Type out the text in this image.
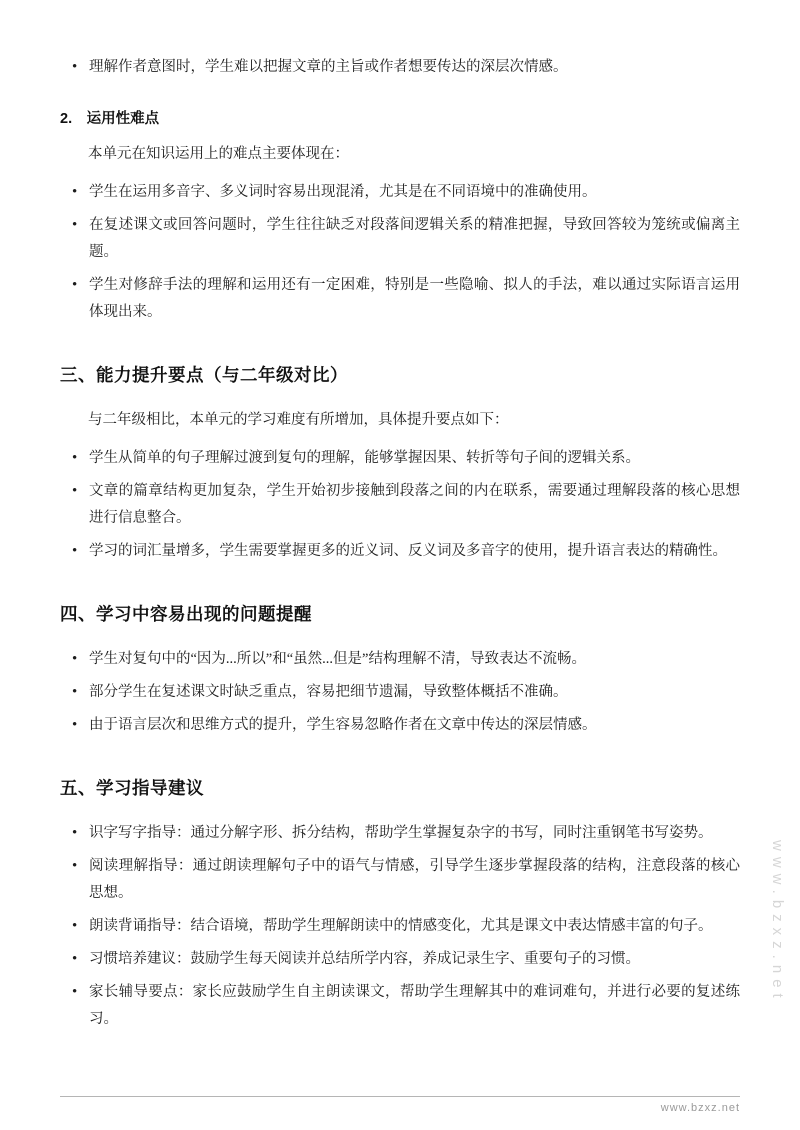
• 理解作者意图时，学生难以把握文章的主旨或作者想要传达的深层次情感。
2.　运用性难点

本单元在知识运用上的难点主要体现在：

• 学生在运用多音字、多义词时容易出现混淆，尤其是在不同语境中的准确使用。
• 在复述课文或回答问题时，学生往往缺乏对段落间逻辑关系的精准把握，导致回答较为笼统或偏离主题。
• 学生对修辞手法的理解和运用还有一定困难，特别是一些隐喻、拟人的手法，难以通过实际语言运用体现出来。
三、能力提升要点（与二年级对比）

与二年级相比，本单元的学习难度有所增加，具体提升要点如下：

• 学生从简单的句子理解过渡到复句的理解，能够掌握因果、转折等句子间的逻辑关系。
• 文章的篇章结构更加复杂，学生开始初步接触到段落之间的内在联系，需要通过理解段落的核心思想进行信息整合。
• 学习的词汇量增多，学生需要掌握更多的近义词、反义词及多音字的使用，提升语言表达的精确性。
四、学习中容易出现的问题提醒
• 学生对复句中的“因为...所以”和“虽然...但是”结构理解不清，导致表达不流畅。
• 部分学生在复述课文时缺乏重点，容易把细节遗漏，导致整体概括不准确。
• 由于语言层次和思维方式的提升，学生容易忽略作者在文章中传达的深层情感。
五、学习指导建议
• 识字写字指导：通过分解字形、拆分结构，帮助学生掌握复杂字的书写，同时注重钢笔书写姿势。
• 阅读理解指导：通过朗读理解句子中的语气与情感，引导学生逐步掌握段落的结构，注意段落的核心思想。
• 朗读背诵指导：结合语境，帮助学生理解朗读中的情感变化，尤其是课文中表达情感丰富的句子。
• 习惯培养建议：鼓励学生每天阅读并总结所学内容，养成记录生字、重要句子的习惯。
• 家长辅导要点：家长应鼓励学生自主朗读课文，帮助学生理解其中的难词难句，并进行必要的复述练习。
www.bzxz.net
www.bzxz.net
